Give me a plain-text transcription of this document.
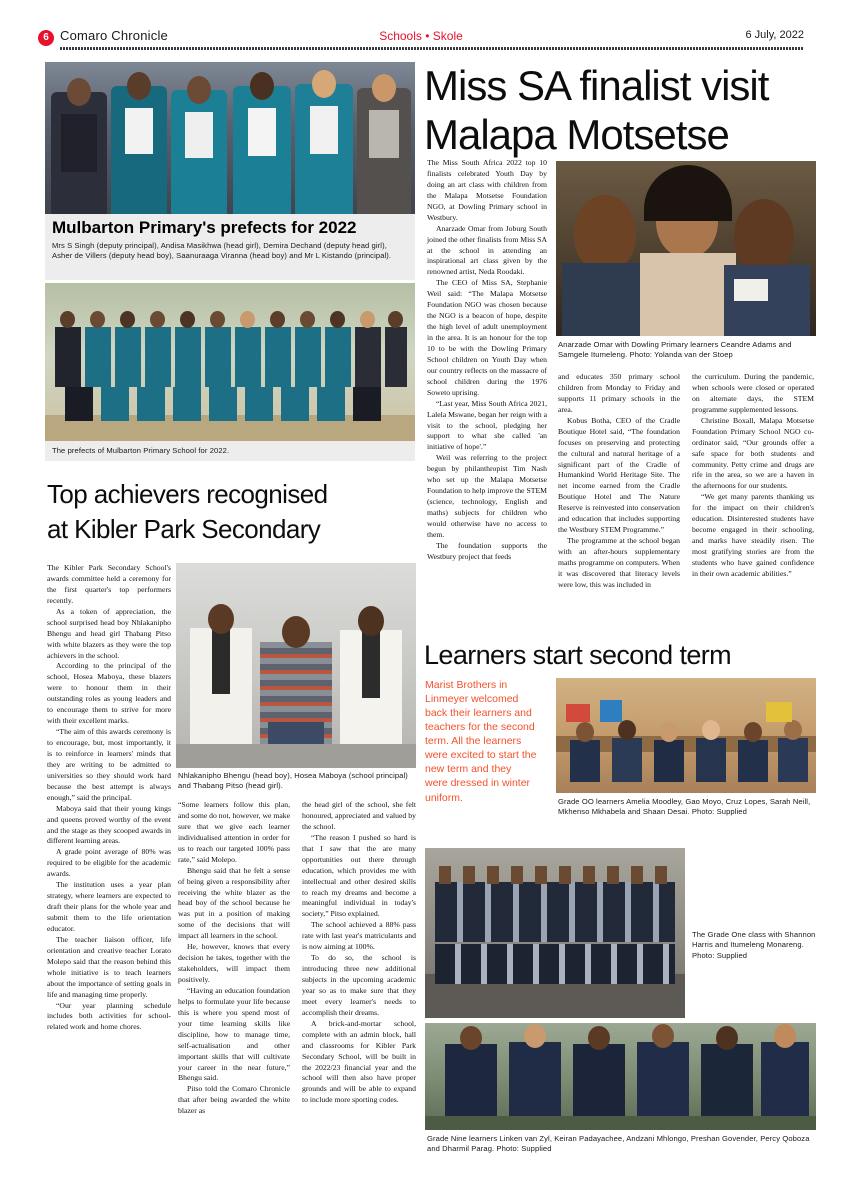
6 Comaro Chronicle	Schools • Skole	6 July, 2022
Mulbarton Primary's prefects for 2022
Mrs S Singh (deputy principal), Andisa Masikhwa (head girl), Demira Dechand (deputy head girl), Asher de Villers (deputy head boy), Saanuraaga Viranna (head boy) and Mr L Kistando (principal).
The prefects of Mulbarton Primary School for 2022.
Top achievers recognised
at Kibler Park Secondary

The Kibler Park Secondary School's awards committee held a ceremony for the first quarter's top performers recently.

As a token of appreciation, the school surprised head boy Nhlakanipho Bhengu and head girl Thabang Pitso with white blazers as they were the top achievers in the school.

According to the principal of the school, Hosea Maboya, these blazers were to honour them in their outstanding roles as young leaders and to encourage them to strive for more with their excellent marks.

“The aim of this awards ceremony is to encourage, but, most importantly, it is to reinforce in learners' minds that they are writing to be admitted to universities so they should work hard because the best attempt is always enough,” said the principal.

Maboya said that their young kings and queens proved worthy of the event and the stage as they scooped awards in different learning areas.

A grade point average of 80% was required to be eligible for the academic awards.

The institution uses a year plan strategy, where learners are expected to draft their plans for the whole year and submit them to the life orientation educator.

The teacher liaison officer, life orientation and creative teacher Lorato Molepo said that the reason behind this whole initiative is to teach learners about the importance of setting goals in life and managing time properly.

“Our year planning schedule includes both activities for school-related work and home chores.

Nhlakanipho Bhengu (head boy), Hosea Maboya (school principal) and Thabang Pitso (head girl).

“Some learners follow this plan, and some do not, however, we make sure that we give each learner individualised attention in order for us to reach our targeted 100% pass rate,” said Molepo.

Bhengu said that he felt a sense of being given a responsibility after receiving the white blazer as the head boy of the school because he was put in a position of making some of the decisions that will impact all learners in the school.

He, however, knows that every decision he takes, together with the stakeholders, will impact them positively.

“Having an education foundation helps to formulate your life because this is where you spend most of your time learning skills like discipline, how to manage time, self-actualisation and other important skills that will cultivate your career in the near future,” Bhengu said.

Pitso told the Comaro Chronicle that after being awarded the white blazer as

the head girl of the school, she felt honoured, appreciated and valued by the school.

“The reason I pushed so hard is that I saw that the are many opportunities out there through education, which provides me with intellectual and other desired skills to reach my dreams and become a meaningful individual in today's society,” Pitso explained.

The school achieved a 88% pass rate with last year's matriculants and is now aiming at 100%.

To do so, the school is introducing three new additional subjects in the upcoming academic year so as to make sure that they meet every learner's needs to accomplish their dreams.

A brick-and-mortar school, complete with an admin block, hall and classrooms for Kibler Park Secondary School, will be built in the 2022/23 financial year and the school will then also have proper grounds and will be able to expand to include more sporting codes.

Miss SA finalist visit
Malapa Motsetse

The Miss South Africa 2022 top 10 finalists celebrated Youth Day by doing an art class with children from the Malapa Motsetse Foundation NGO, at Dowling Primary school in Westbury.

Anarzade Omar from Joburg South joined the other finalists from Miss SA at the school in attending an inspirational art class given by the renowned artist, Neda Roodaki.

The CEO of Miss SA, Stephanie Weil said: “The Malapa Motsetse Foundation NGO was chosen because the NGO is a beacon of hope, despite the high level of adult unemployment in the area. It is an honour for the top 10 to be with the Dowling Primary School children on Youth Day when our country reflects on the massacre of school children during the 1976 Soweto uprising.

“Last year, Miss South Africa 2021, Lalela Mswane, began her reign with a visit to the school, pledging her support to what she called 'an initiative of hope'.”

Weil was referring to the project begun by philanthropist Tim Nash who set up the Malapa Motsetse Foundation to help improve the STEM (science, technology, English and maths) subjects for children who would otherwise have no access to them.

The foundation supports the Westbury project that feeds

Anarzade Omar with Dowling Primary learners Ceandre Adams and Samgele Itumeleng. Photo: Yolanda van der Stoep

and educates 350 primary school children from Monday to Friday and supports 11 primary schools in the area.

Kobus Botha, CEO of the Cradle Boutique Hotel said, “The foundation focuses on preserving and protecting the cultural and natural heritage of a significant part of the Cradle of Humankind World Heritage Site. The net income earned from the Cradle Boutique Hotel and The Nature Reserve is reinvested into conservation and education that includes supporting the Westbury STEM Programme.”

The programme at the school began with an after-hours supplementary maths programme on computers. When it was discovered that literacy levels were low, this was included in

the curriculum. During the pandemic, when schools were closed or operated on alternate days, the STEM programme supplemented lessons.

Christine Boxall, Malapa Motsetse Foundation Primary School NGO co-ordinator said, “Our grounds offer a safe space for both students and community. Petty crime and drugs are rife in the area, so we are a haven in the afternoons for our students.

“We get many parents thanking us for the impact on their children's education. Disinterested students have become engaged in their schooling, and marks have steadily risen. The most gratifying stories are from the students who have gained confidence in their own academic abilities.”

Learners start second term
Marist Brothers in Linmeyer welcomed back their learners and teachers for the second term. All the learners were excited to start the new term and they were dressed in winter uniform.	Grade OO learners Amelia Moodley, Gao Moyo, Cruz Lopes, Sarah Neill, Mkhenso Mkhabela and Shaan Desai. Photo: Supplied
The Grade One class with Shannon Harris and Itumeleng Monareng. Photo: Supplied
Grade Nine learners Linken van Zyl, Keiran Padayachee, Andzani Mhlongo, Preshan Govender, Percy Qoboza and Dharmil Parag. Photo: Supplied
